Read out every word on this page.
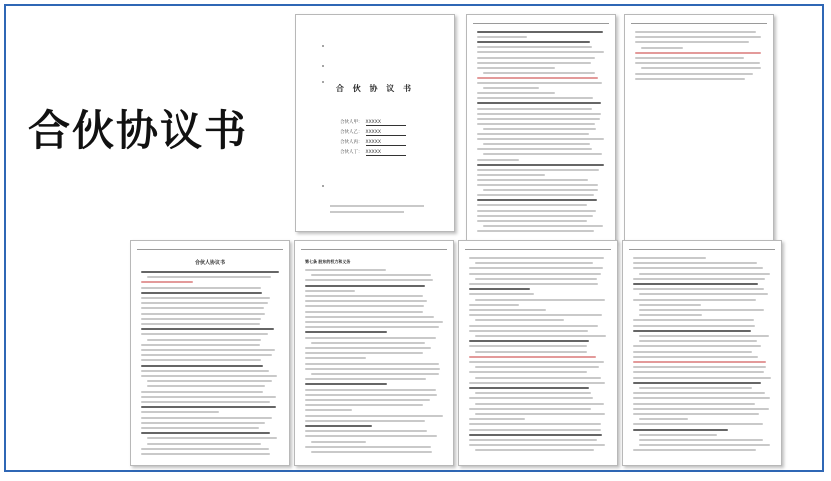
合伙协议书
合 伙 协 议 书
合伙人甲： XXXXX
合伙人乙： XXXXX
合伙人丙： XXXXX
合伙人丁： XXXXX
合伙人协议书	第七条 股东的权力和义务
